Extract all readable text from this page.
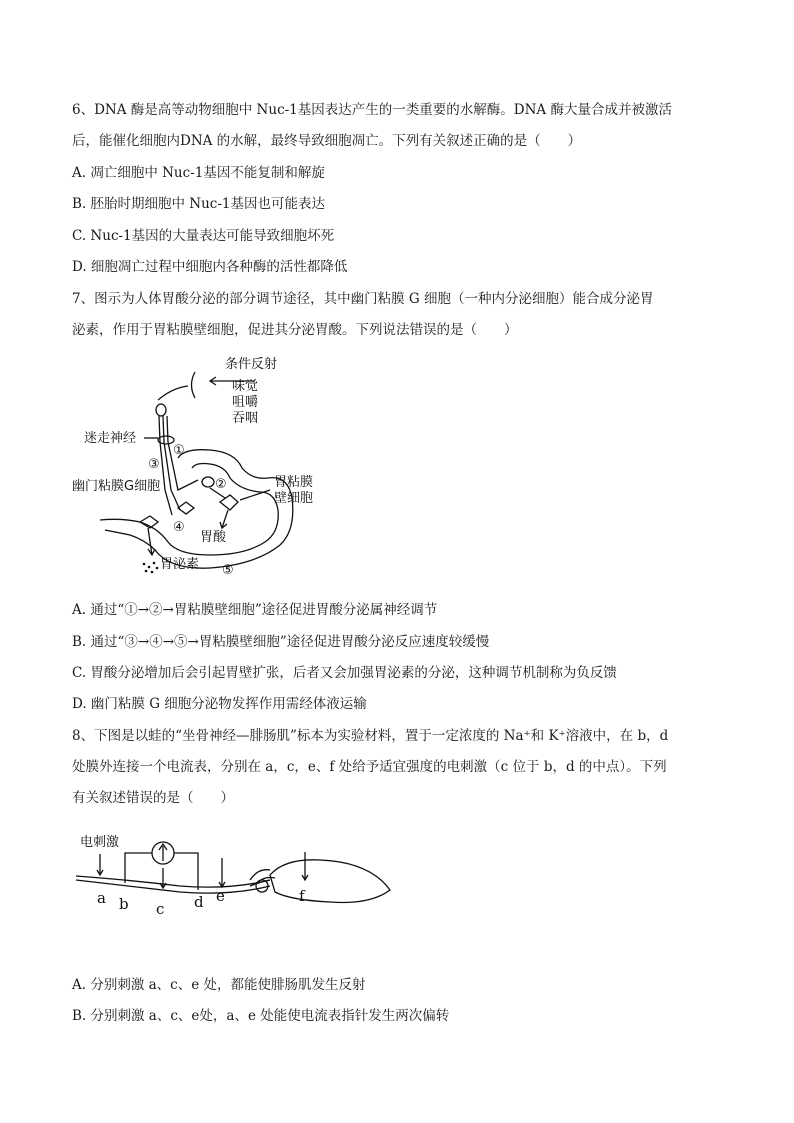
6、DNA 酶是高等动物细胞中 Nuc-1基因表达产生的一类重要的水解酶。DNA 酶大量合成并被激活

后，能催化细胞内DNA 的水解，最终导致细胞凋亡。下列有关叙述正确的是（　　）

A. 凋亡细胞中 Nuc-1基因不能复制和解旋

B. 胚胎时期细胞中 Nuc-1基因也可能表达

C. Nuc-1基因的大量表达可能导致细胞坏死

D. 细胞凋亡过程中细胞内各种酶的活性都降低

7、图示为人体胃酸分泌的部分调节途径，其中幽门粘膜 G 细胞（一种内分泌细胞）能合成分泌胃

泌素，作用于胃粘膜壁细胞，促进其分泌胃酸。下列说法错误的是（　　）

条件反射
味觉
咀嚼
吞咽
迷走神经
①
③
幽门粘膜G细胞	②	胃粘膜
壁细胞
④
胃酸
胃泌素 ⑤

A. 通过“①→②→胃粘膜壁细胞”途径促进胃酸分泌属神经调节

B. 通过“③→④→⑤→胃粘膜壁细胞”途径促进胃酸分泌反应速度较缓慢

C. 胃酸分泌增加后会引起胃壁扩张，后者又会加强胃泌素的分泌，这种调节机制称为负反馈

D. 幽门粘膜 G 细胞分泌物发挥作用需经体液运输

8、下图是以蛙的“坐骨神经—腓肠肌”标本为实验材料，置于一定浓度的 Na⁺和 K⁺溶液中，在 b，d

处膜外连接一个电流表，分别在 a，c，e、f 处给予适宜强度的电刺激（c 位于 b，d 的中点）。下列

有关叙述错误的是（　　）

电刺激
a b c d e	f

A. 分别刺激 a、c、e 处，都能使腓肠肌发生反射

B. 分别刺激 a、c、e处，a、e 处能使电流表指针发生两次偏转
